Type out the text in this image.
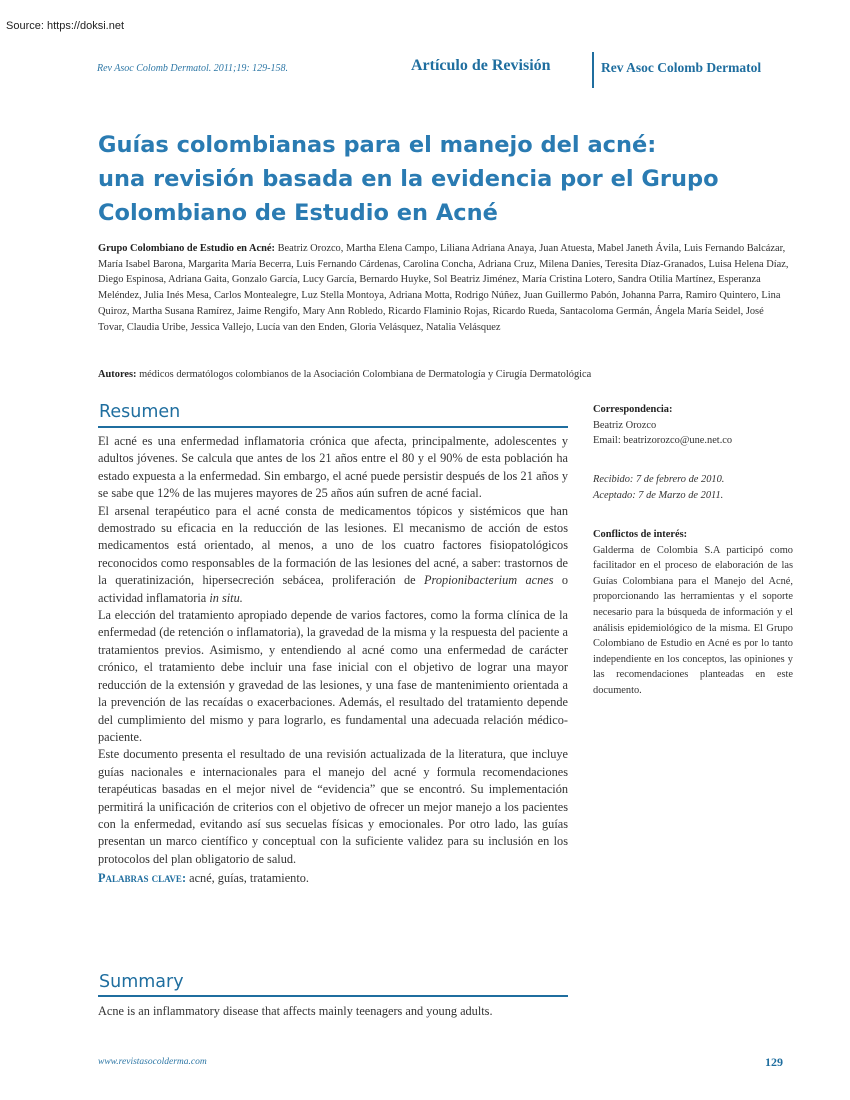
Source: https://doksi.net
Rev Asoc Colomb Dermatol. 2011;19: 129-158.	Artículo de Revisión	Rev Asoc Colomb Dermatol
Guías colombianas para el manejo del acné:
una revisión basada en la evidencia por el Grupo
Colombiano de Estudio en Acné
Grupo Colombiano de Estudio en Acné: Beatriz Orozco, Martha Elena Campo, Liliana Adriana Anaya, Juan Atuesta, Mabel Janeth Ávila, Luis Fernando Balcázar, María Isabel Barona, Margarita María Becerra, Luis Fernando Cárdenas, Carolina Concha, Adriana Cruz, Milena Danies, Teresita Díaz-Granados, Luisa Helena Díaz, Diego Espinosa, Adriana Gaita, Gonzalo García, Lucy García, Bernardo Huyke, Sol Beatriz Jiménez, María Cristina Lotero, Sandra Otilia Martínez, Esperanza Meléndez, Julia Inés Mesa, Carlos Montealegre, Luz Stella Montoya, Adriana Motta, Rodrigo Núñez, Juan Guillermo Pabón, Johanna Parra, Ramiro Quintero, Lina Quiroz, Martha Susana Ramírez, Jaime Rengifo, Mary Ann Robledo, Ricardo Flaminio Rojas, Ricardo Rueda, Santacoloma Germán, Ángela María Seidel, José Tovar, Claudia Uribe, Jessica Vallejo, Lucía van den Enden, Gloria Velásquez, Natalia Velásquez
Autores: médicos dermatólogos colombianos de la Asociación Colombiana de Dermatología y Cirugía Dermatológica
Resumen

El acné es una enfermedad inflamatoria crónica que afecta, principalmente, adolescentes y adultos jóvenes. Se calcula que antes de los 21 años entre el 80 y el 90% de esta población ha estado expuesta a la enfermedad. Sin embargo, el acné puede persistir después de los 21 años y se sabe que 12% de las mujeres mayores de 25 años aún sufren de acné facial.

El arsenal terapéutico para el acné consta de medicamentos tópicos y sistémicos que han demostrado su eficacia en la reducción de las lesiones. El mecanismo de acción de estos medicamentos está orientado, al menos, a uno de los cuatro factores fisiopatológicos reconocidos como responsables de la formación de las lesiones del acné, a saber: trastornos de la queratinización, hipersecreción sebácea, proliferación de Propionibacterium acnes o actividad inflamatoria in situ.

La elección del tratamiento apropiado depende de varios factores, como la forma clínica de la enfermedad (de retención o inflamatoria), la gravedad de la misma y la respuesta del paciente a tratamientos previos. Asimismo, y entendiendo al acné como una enfermedad de carácter crónico, el tratamiento debe incluir una fase inicial con el objetivo de lograr una mayor reducción de la extensión y gravedad de las lesiones, y una fase de mantenimiento orientada a la prevención de las recaídas o exacerbaciones. Además, el resultado del tratamiento depende del cumplimiento del mismo y para lograrlo, es fundamental una adecuada relación médico-paciente.

Este documento presenta el resultado de una revisión actualizada de la literatura, que incluye guías nacionales e internacionales para el manejo del acné y formula recomendaciones terapéuticas basadas en el mejor nivel de “evidencia” que se encontró. Su implementación permitirá la unificación de criterios con el objetivo de ofrecer un mejor manejo a los pacientes con la enfermedad, evitando así sus secuelas físicas y emocionales. Por otro lado, las guías presentan un marco científico y conceptual con la suficiente validez para su inclusión en los protocolos del plan obligatorio de salud.

Palabras clave: acné, guías, tratamiento.

Summary
Acne is an inflammatory disease that affects mainly teenagers and young adults.
Correspondencia:
Beatriz Orozco
Email: beatrizorozco@une.net.co
Recibido: 7 de febrero de 2010.
Aceptado: 7 de Marzo de 2011.
Conflictos de interés:
Galderma de Colombia S.A participó como facilitador en el proceso de elaboración de las Guías Colombiana para el Manejo del Acné, proporcionando las herramientas y el soporte necesario para la búsqueda de información y el análisis epidemiológico de la misma. El Grupo Colombiano de Estudio en Acné es por lo tanto independiente en los conceptos, las opiniones y las recomendaciones planteadas en este documento.
www.revistasocolderma.com	129
